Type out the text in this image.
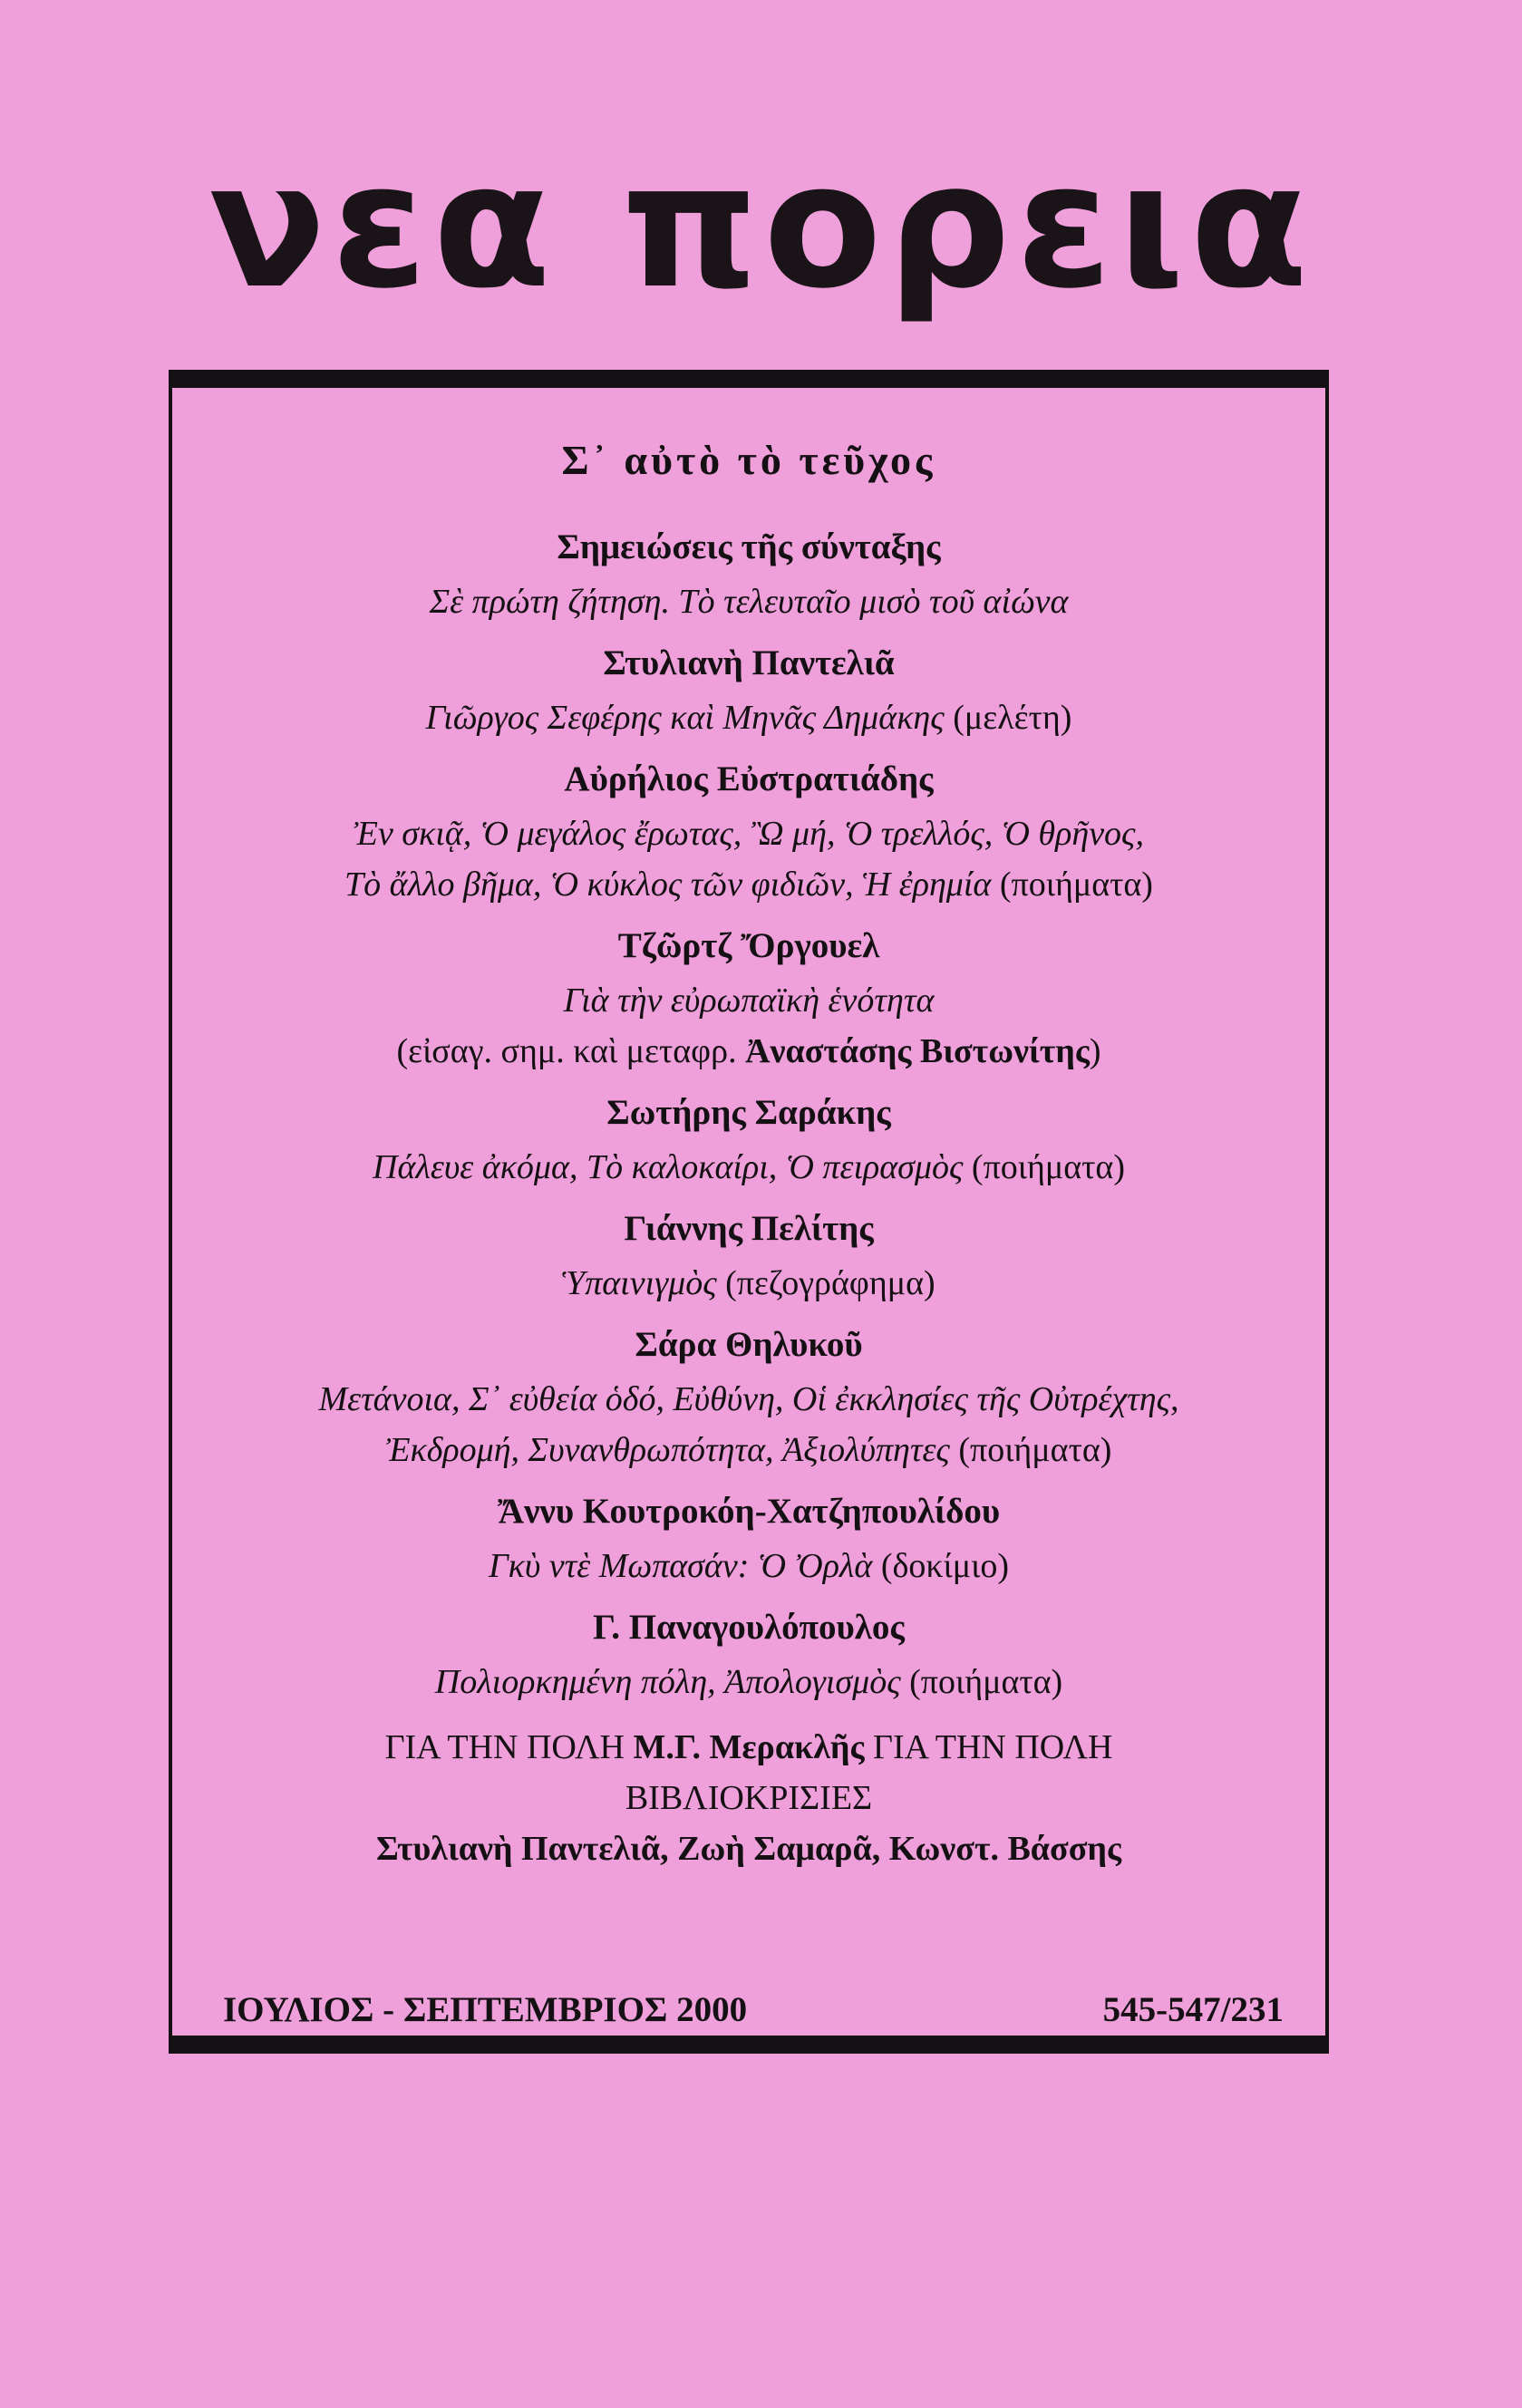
νεα πορεια
Σ᾿ αὐτὸ τὸ τεῦχος
Σημειώσεις τῆς σύνταξης
Σὲ πρώτη ζήτηση. Τὸ τελευταῖο μισὸ τοῦ αἰώνα
Στυλιανὴ Παντελιᾶ
Γιῶργος Σεφέρης καὶ Μηνᾶς Δημάκης (μελέτη)
Αὐρήλιος Εὐστρατιάδης
Ἐν σκιᾷ, Ὁ μεγάλος ἔρωτας, Ὢ μή, Ὁ τρελλός, Ὁ θρῆνος,
Τὸ ἄλλο βῆμα, Ὁ κύκλος τῶν φιδιῶν, Ἡ ἐρημία (ποιήματα)
Τζῶρτζ Ὄργουελ
Γιὰ τὴν εὐρωπαϊκὴ ἑνότητα
(εἰσαγ. σημ. καὶ μεταφρ. Ἀναστάσης Βιστωνίτης)
Σωτήρης Σαράκης
Πάλευε ἀκόμα, Τὸ καλοκαίρι, Ὁ πειρασμὸς (ποιήματα)
Γιάννης Πελίτης
Ὑπαινιγμὸς (πεζογράφημα)
Σάρα Θηλυκοῦ
Μετάνοια, Σ᾿ εὐθεία ὁδό, Εὐθύνη, Οἱ ἐκκλησίες τῆς Οὐτρέχτης,
Ἐκδρομή, Συνανθρωπότητα, Ἀξιολύπητες (ποιήματα)
Ἄννυ Κουτροκόη-Χατζηπουλίδου
Γκὺ ντὲ Μωπασάν: Ὁ Ὀρλὰ (δοκίμιο)
Γ. Παναγουλόπουλος
Πολιορκημένη πόλη, Ἀπολογισμὸς (ποιήματα)
ΓΙΑ ΤΗΝ ΠΟΛΗ Μ.Γ. Μερακλῆς ΓΙΑ ΤΗΝ ΠΟΛΗ
ΒΙΒΛΙΟΚΡΙΣΙΕΣ
Στυλιανὴ Παντελιᾶ, Ζωὴ Σαμαρᾶ, Κωνστ. Βάσσης
ΙΟΥΛΙΟΣ - ΣΕΠΤΕΜΒΡΙΟΣ 2000	545-547/231
